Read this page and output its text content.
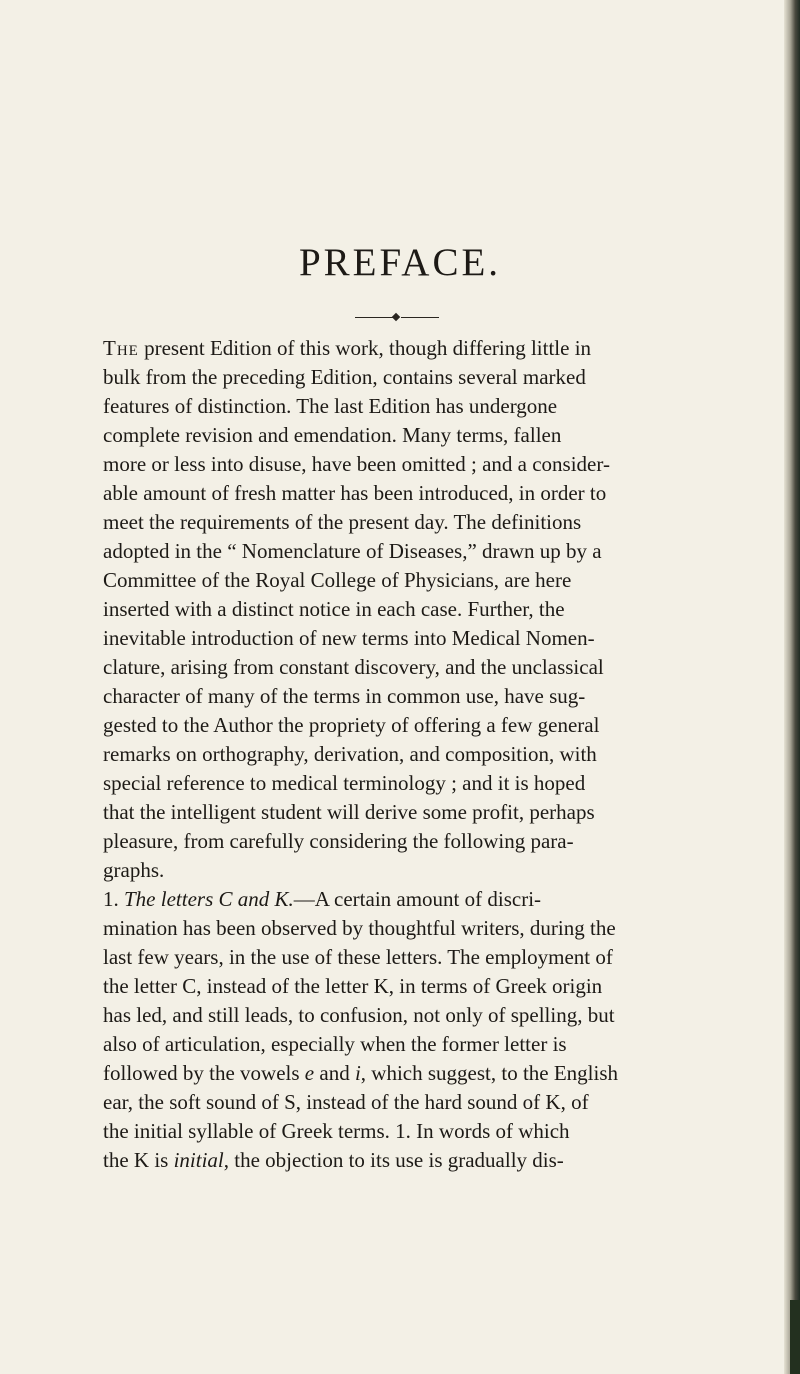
PREFACE.
The present Edition of this work, though differing little in
bulk from the preceding Edition, contains several marked
features of distinction. The last Edition has undergone
complete revision and emendation. Many terms, fallen
more or less into disuse, have been omitted ; and a consider-
able amount of fresh matter has been introduced, in order to
meet the requirements of the present day. The definitions
adopted in the “ Nomenclature of Diseases,” drawn up by a
Committee of the Royal College of Physicians, are here
inserted with a distinct notice in each case. Further, the
inevitable introduction of new terms into Medical Nomen-
clature, arising from constant discovery, and the unclassical
character of many of the terms in common use, have sug-
gested to the Author the propriety of offering a few general
remarks on orthography, derivation, and composition, with
special reference to medical terminology ; and it is hoped
that the intelligent student will derive some profit, perhaps
pleasure, from carefully considering the following para-
graphs.
1. The letters C and K.—A certain amount of discri-
mination has been observed by thoughtful writers, during the
last few years, in the use of these letters. The employment of
the letter C, instead of the letter K, in terms of Greek origin
has led, and still leads, to confusion, not only of spelling, but
also of articulation, especially when the former letter is
followed by the vowels e and i, which suggest, to the English
ear, the soft sound of S, instead of the hard sound of K, of
the initial syllable of Greek terms. 1. In words of which
the K is initial, the objection to its use is gradually dis-
